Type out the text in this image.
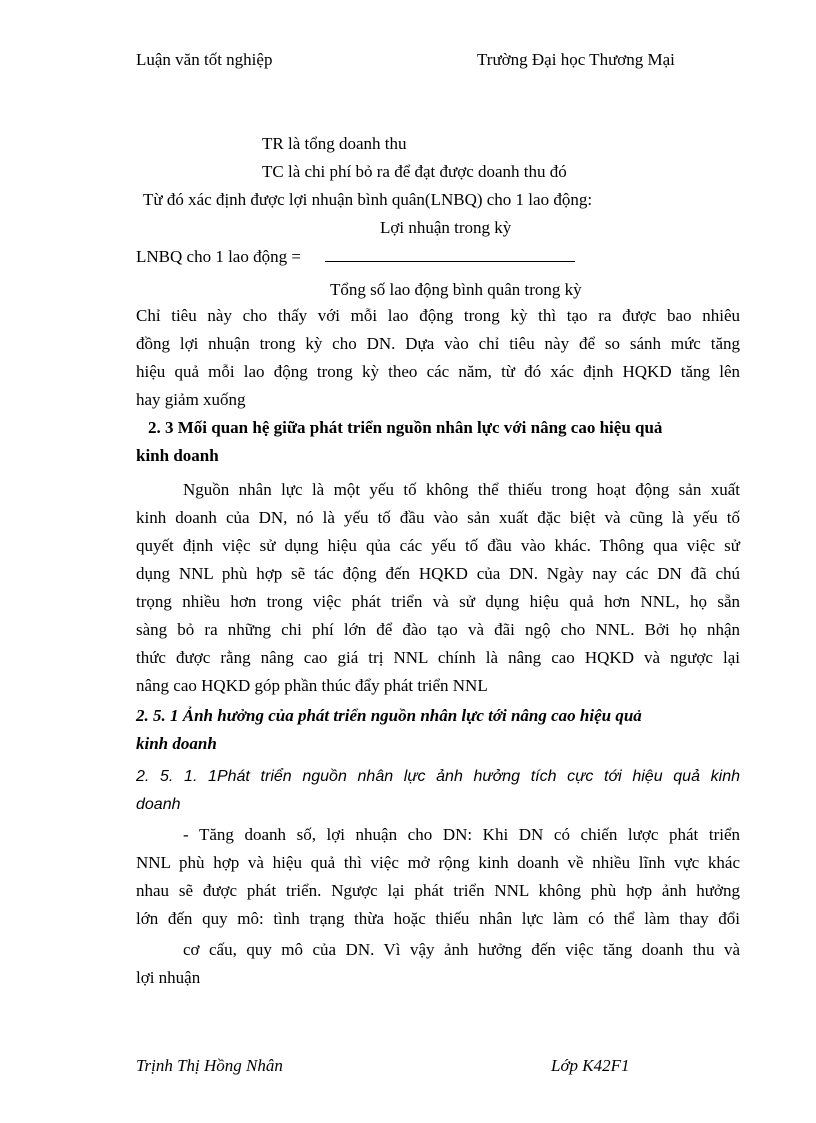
Luận văn tốt nghiệp	Trường Đại học Thương Mại
TR là tổng doanh thu
TC là chi phí bỏ ra để đạt được doanh thu đó
Từ đó xác định được lợi nhuận bình quân(LNBQ) cho 1 lao động:
Lợi nhuận trong kỳ
LNBQ cho 1 lao động =
Tổng số lao động bình quân trong kỳ
Chỉ tiêu này cho thấy với mỗi lao động trong kỳ thì tạo ra được bao nhiêu
đồng lợi nhuận trong kỳ cho DN. Dựa vào chỉ tiêu này để so sánh mức tăng
hiệu quả mỗi lao động trong kỳ theo các năm, từ đó xác định HQKD tăng lên
hay giảm xuống
2. 3 Mối quan hệ giữa phát triển nguồn nhân lực với nâng cao hiệu quả
kinh doanh
Nguồn nhân lực là một yếu tố không thể thiếu trong hoạt động sản xuất
kinh doanh của DN, nó là yếu tố đầu vào sản xuất đặc biệt và cũng là yếu tố
quyết định việc sử dụng hiệu qủa các yếu tố đầu vào khác. Thông qua việc sử
dụng NNL phù hợp sẽ tác động đến HQKD của DN. Ngày nay các DN đã chú
trọng nhiều hơn trong việc phát triển và sử dụng hiệu quả hơn NNL, họ sẵn
sàng bỏ ra những chi phí lớn để đào tạo và đãi ngộ cho NNL. Bởi họ nhận
thức được rằng nâng cao giá trị NNL chính là nâng cao HQKD và ngược lại
nâng cao HQKD góp phần thúc đẩy phát triển NNL
2. 5. 1 Ảnh hưởng của phát triển nguồn nhân lực tới nâng cao hiệu quả
kinh doanh
2. 5. 1. 1Phát triển nguồn nhân lực ảnh hưởng tích cực tới hiệu quả kinh
doanh
- Tăng doanh số, lợi nhuận cho DN: Khi DN có chiến lược phát triển
NNL phù hợp và hiệu quả thì việc mở rộng kinh doanh về nhiều lĩnh vực khác
nhau sẽ được phát triển. Ngược lại phát triển NNL không phù hợp ảnh hưởng
lớn đến quy mô: tình trạng thừa hoặc thiếu nhân lực làm có thể làm thay đổi
cơ cấu, quy mô của DN. Vì vậy ảnh hưởng đến việc tăng doanh thu và
lợi nhuận
Trịnh Thị Hồng Nhân	Lớp K42F1
